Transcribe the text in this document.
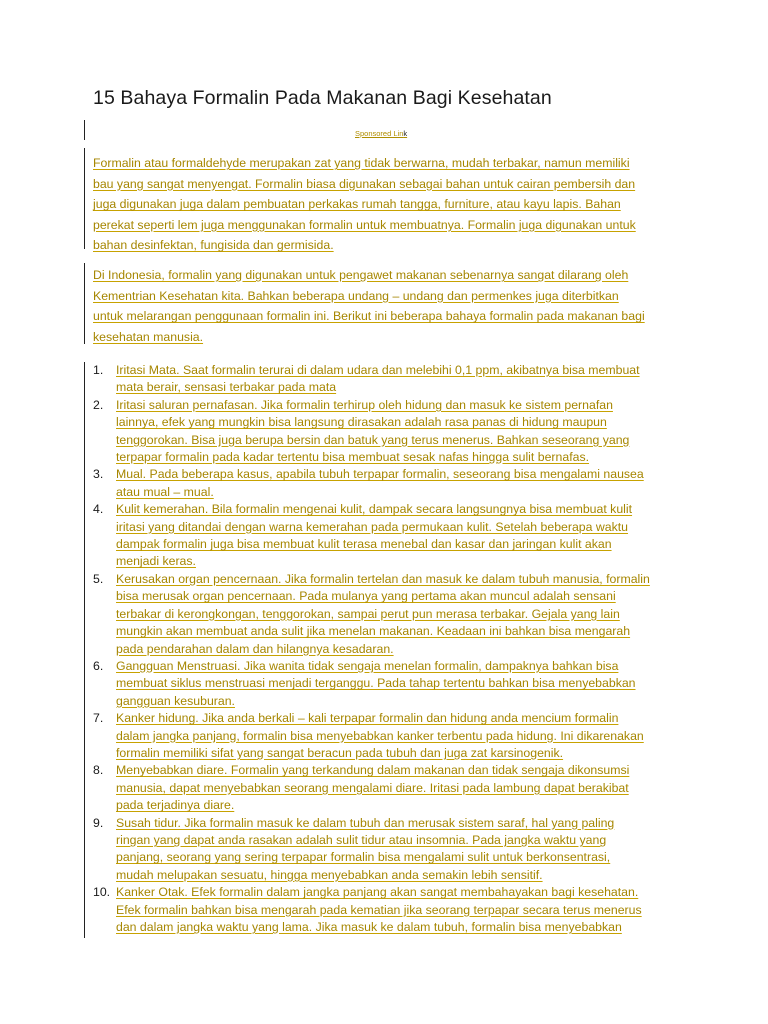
15 Bahaya Formalin Pada Makanan Bagi Kesehatan
Sponsored Link

Formalin atau formaldehyde merupakan zat yang tidak berwarna, mudah terbakar, namun memiliki
bau yang sangat menyengat. Formalin biasa digunakan sebagai bahan untuk cairan pembersih dan
juga digunakan juga dalam pembuatan perkakas rumah tangga, furniture, atau kayu lapis. Bahan
perekat seperti lem juga menggunakan formalin untuk membuatnya. Formalin juga digunakan untuk
bahan desinfektan, fungisida dan germisida.

Di Indonesia, formalin yang digunakan untuk pengawet makanan sebenarnya sangat dilarang oleh
Kementrian Kesehatan kita. Bahkan beberapa undang – undang dan permenkes juga diterbitkan
untuk melarangan penggunaan formalin ini. Berikut ini beberapa bahaya formalin pada makanan bagi
kesehatan manusia.

1. Iritasi Mata. Saat formalin terurai di dalam udara dan melebihi 0,1 ppm, akibatnya bisa membuat
mata berair, sensasi terbakar pada mata
2. Iritasi saluran pernafasan. Jika formalin terhirup oleh hidung dan masuk ke sistem pernafan
lainnya, efek yang mungkin bisa langsung dirasakan adalah rasa panas di hidung maupun
tenggorokan. Bisa juga berupa bersin dan batuk yang terus menerus. Bahkan seseorang yang
terpapar formalin pada kadar tertentu bisa membuat sesak nafas hingga sulit bernafas.
3. Mual. Pada beberapa kasus, apabila tubuh terpapar formalin, seseorang bisa mengalami nausea
atau mual – mual.
4. Kulit kemerahan. Bila formalin mengenai kulit, dampak secara langsungnya bisa membuat kulit
iritasi yang ditandai dengan warna kemerahan pada permukaan kulit. Setelah beberapa waktu
dampak formalin juga bisa membuat kulit terasa menebal dan kasar dan jaringan kulit akan
menjadi keras.
5. Kerusakan organ pencernaan. Jika formalin tertelan dan masuk ke dalam tubuh manusia, formalin
bisa merusak organ pencernaan. Pada mulanya yang pertama akan muncul adalah sensani
terbakar di kerongkongan, tenggorokan, sampai perut pun merasa terbakar. Gejala yang lain
mungkin akan membuat anda sulit jika menelan makanan. Keadaan ini bahkan bisa mengarah
pada pendarahan dalam dan hilangnya kesadaran.
6. Gangguan Menstruasi. Jika wanita tidak sengaja menelan formalin, dampaknya bahkan bisa
membuat siklus menstruasi menjadi terganggu. Pada tahap tertentu bahkan bisa menyebabkan
gangguan kesuburan.
7. Kanker hidung. Jika anda berkali – kali terpapar formalin dan hidung anda mencium formalin
dalam jangka panjang, formalin bisa menyebabkan kanker terbentu pada hidung. Ini dikarenakan
formalin memiliki sifat yang sangat beracun pada tubuh dan juga zat karsinogenik.
8. Menyebabkan diare. Formalin yang terkandung dalam makanan dan tidak sengaja dikonsumsi
manusia, dapat menyebabkan seorang mengalami diare. Iritasi pada lambung dapat berakibat
pada terjadinya diare.
9. Susah tidur. Jika formalin masuk ke dalam tubuh dan merusak sistem saraf, hal yang paling
ringan yang dapat anda rasakan adalah sulit tidur atau insomnia. Pada jangka waktu yang
panjang, seorang yang sering terpapar formalin bisa mengalami sulit untuk berkonsentrasi,
mudah melupakan sesuatu, hingga menyebabkan anda semakin lebih sensitif.
10. Kanker Otak. Efek formalin dalam jangka panjang akan sangat membahayakan bagi kesehatan.
Efek formalin bahkan bisa mengarah pada kematian jika seorang terpapar secara terus menerus
dan dalam jangka waktu yang lama. Jika masuk ke dalam tubuh, formalin bisa menyebabkan
